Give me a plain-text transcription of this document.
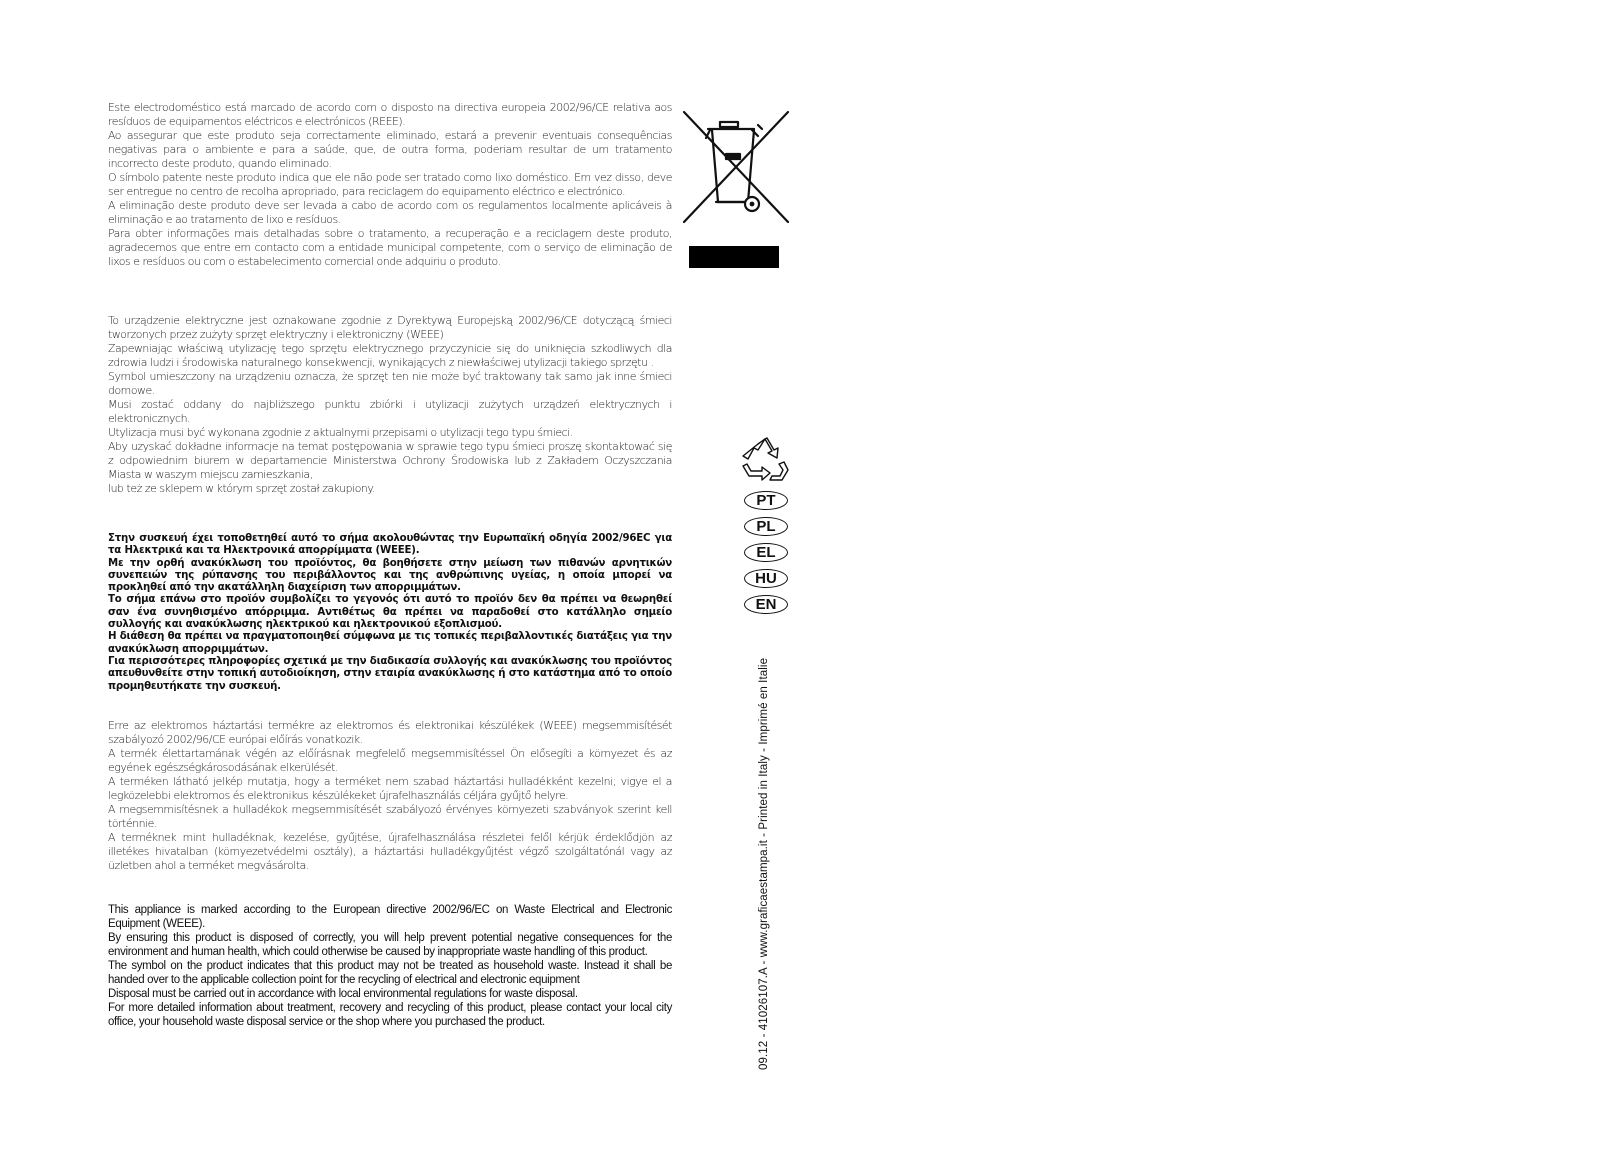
Este electrodoméstico está marcado de acordo com o disposto na directiva europeia 2002/96/CE relativa aos resíduos de equipamentos eléctricos e electrónicos (REEE).

Ao assegurar que este produto seja correctamente eliminado, estará a prevenir eventuais consequências negativas para o ambiente e para a saúde, que, de outra forma, poderiam resultar de um tratamento incorrecto deste produto, quando eliminado.

O símbolo patente neste produto indica que ele não pode ser tratado como lixo doméstico. Em vez disso, deve ser entregue no centro de recolha apropriado, para reciclagem do equipamento eléctrico e electrónico.

A eliminação deste produto deve ser levada a cabo de acordo com os regulamentos localmente aplicáveis à eliminação e ao tratamento de lixo e resíduos.

Para obter informações mais detalhadas sobre o tratamento, a recuperação e a reciclagem deste produto, agradecemos que entre em contacto com a entidade municipal competente, com o serviço de eliminação de lixos e resíduos ou com o estabelecimento comercial onde adquiriu o produto.

To urządzenie elektryczne jest oznakowane zgodnie z Dyrektywą Europejską 2002/96/CE dotyczącą śmieci tworzonych przez zużyty sprzęt elektryczny i elektroniczny (WEEE)

Zapewniając właściwą utylizację tego sprzętu elektrycznego przyczynicie się do uniknięcia szkodliwych dla zdrowia ludzi i środowiska naturalnego konsekwencji, wynikających z niewłaściwej utylizacji takiego sprzętu .

Symbol umieszczony na urządzeniu oznacza, że sprzęt ten nie może być traktowany tak samo jak inne śmieci domowe.

Musi zostać oddany do najbliższego punktu zbiórki i utylizacji zużytych urządzeń elektrycznych i elektronicznych.

Utylizacja musi być wykonana zgodnie z aktualnymi przepisami o utylizacji tego typu śmieci.

Aby uzyskać dokładne informacje na temat postępowania w sprawie tego typu śmieci proszę skontaktować się z odpowiednim biurem w departamencie Ministerstwa Ochrony Środowiska lub z Zakładem Oczyszczania Miasta w waszym miejscu zamieszkania,

lub też ze sklepem w którym sprzęt został zakupiony.

Στην συσκευή έχει τοποθετηθεί αυτό το σήμα ακολουθώντας την Ευρωπαϊκή οδηγία 2002/96EC για τα Ηλεκτρικά και τα Ηλεκτρονικά απορρίμματα (WEEE).

Με την ορθή ανακύκλωση του προϊόντος, θα βοηθήσετε στην μείωση των πιθανών αρνητικών συνεπειών της ρύπανσης του περιβάλλοντος και της ανθρώπινης υγείας, η οποία μπορεί να προκληθεί από την ακατάλληλη διαχείριση των απορριμμάτων.

Το σήμα επάνω στο προϊόν συμβολίζει το γεγονός ότι αυτό το προϊόν δεν θα πρέπει να θεωρηθεί σαν ένα συνηθισμένο απόρριμμα. Αντιθέτως θα πρέπει να παραδοθεί στο κατάλληλο σημείο συλλογής και ανακύκλωσης ηλεκτρικού και ηλεκτρονικού εξοπλισμού.

Η διάθεση θα πρέπει να πραγματοποιηθεί σύμφωνα με τις τοπικές περιβαλλοντικές διατάξεις για την ανακύκλωση απορριμμάτων.

Για περισσότερες πληροφορίες σχετικά με την διαδικασία συλλογής και ανακύκλωσης του προϊόντος απευθυνθείτε στην τοπική αυτοδιοίκηση, στην εταιρία ανακύκλωσης ή στο κατάστημα από το οποίο προμηθευτήκατε την συσκευή.

Erre az elektromos háztartási termékre az elektromos és elektronikai készülékek (WEEE) megsemmisítését szabályozó 2002/96/CE európai előírás vonatkozik.

A termék élettartamának végén az előírásnak megfelelő megsemmisítéssel Ön elősegíti a környezet és az egyének egészségkárosodásának elkerülését.

A terméken látható jelkép mutatja, hogy a terméket nem szabad háztartási hulladékként kezelni; vigye el a legközelebbi elektromos és elektronikus készülékeket újrafelhasználás céljára gyűjtő helyre.

A megsemmisítésnek a hulladékok megsemmisítését szabályozó érvényes környezeti szabványok szerint kell történnie.

A terméknek mint hulladéknak, kezelése, gyűjtése, újrafelhasználása részletei felől kérjük érdeklődjön az illetékes hivatalban (környezetvédelmi osztály), a háztartási hulladékgyűjtést végző szolgáltatónál vagy az üzletben ahol a terméket megvásárolta.

This appliance is marked according to the European directive 2002/96/EC on Waste Electrical and Electronic Equipment (WEEE).

By ensuring this product is disposed of correctly, you will help prevent potential negative consequences for the environment and human health, which could otherwise be caused by inappropriate waste handling of this product.

The symbol on the product indicates that this product may not be treated as household waste. Instead it shall be handed over to the applicable collection point for the recycling of electrical and electronic equipment

Disposal must be carried out in accordance with local environmental regulations for waste disposal.

For more detailed information about treatment, recovery and recycling of this product, please contact your local city office, your household waste disposal service or the shop where you purchased the product.

PT
PL
EL
HU
EN
09.12 - 41026107.A - www.graficaestampa.it - Printed in Italy - Imprimé en Italie
